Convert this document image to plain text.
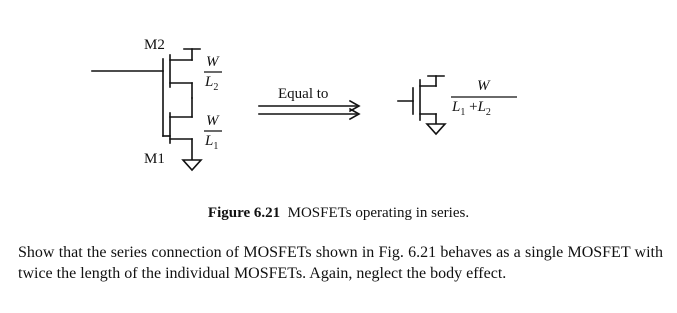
M2
M1
W
$L_2$
W
$L_1$
Equal to	W
$L_1 +L_2$
Figure 6.21 MOSFETs operating in series.
Show that the series connection of MOSFETs shown in Fig. 6.21 behaves as a single MOSFET with twice the length of the individual MOSFETs. Again, neglect the body effect.
